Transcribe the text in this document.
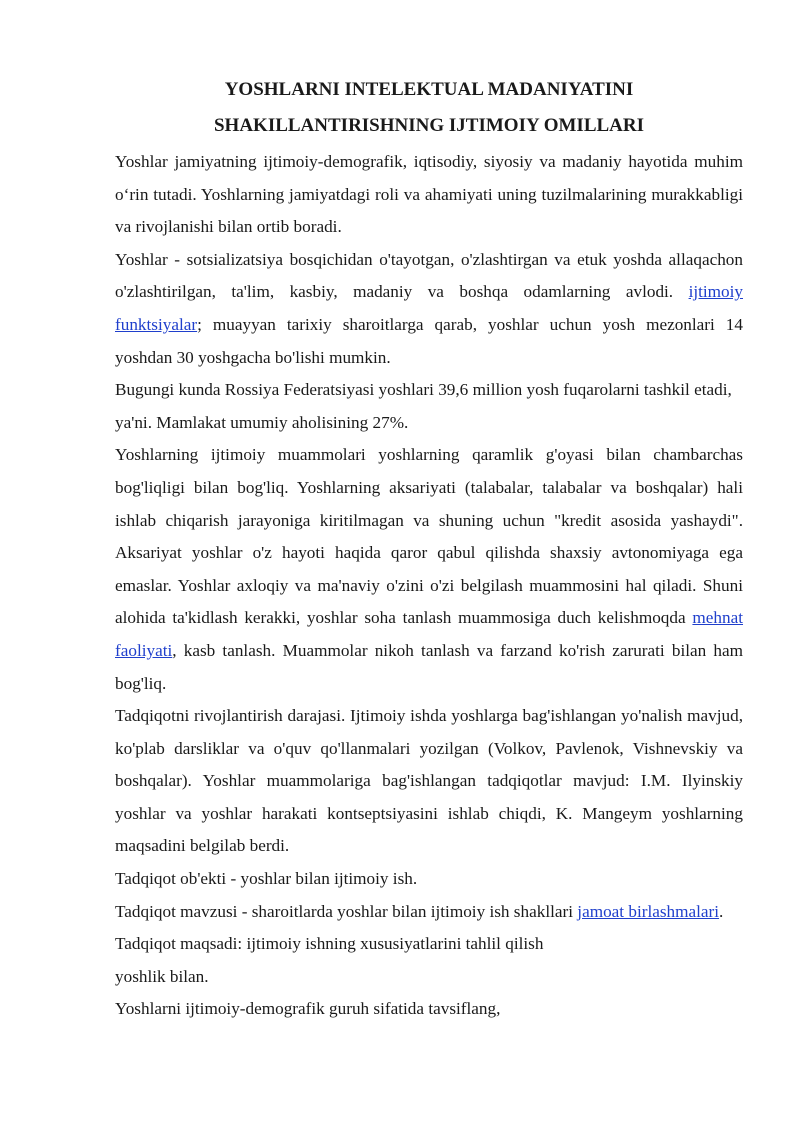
YOSHLARNI INTELEKTUAL MADANIYATINI
SHAKILLANTIRISHNING IJTIMOIY OMILLARI

Yoshlar jamiyatning ijtimoiy-demografik, iqtisodiy, siyosiy va madaniy hayotida muhim o‘rin tutadi. Yoshlarning jamiyatdagi roli va ahamiyati uning tuzilmalarining murakkabligi va rivojlanishi bilan ortib boradi.

Yoshlar - sotsializatsiya bosqichidan o'tayotgan, o'zlashtirgan va etuk yoshda allaqachon o'zlashtirilgan, ta'lim, kasbiy, madaniy va boshqa odamlarning avlodi. ijtimoiy funktsiyalar; muayyan tarixiy sharoitlarga qarab, yoshlar uchun yosh mezonlari 14 yoshdan 30 yoshgacha bo'lishi mumkin.

Bugungi kunda Rossiya Federatsiyasi yoshlari 39,6 million yosh fuqarolarni tashkil etadi, ya'ni. Mamlakat umumiy aholisining 27%.

Yoshlarning ijtimoiy muammolari yoshlarning qaramlik g'oyasi bilan chambarchas bog'liqligi bilan bog'liq. Yoshlarning aksariyati (talabalar, talabalar va boshqalar) hali ishlab chiqarish jarayoniga kiritilmagan va shuning uchun "kredit asosida yashaydi". Aksariyat yoshlar o'z hayoti haqida qaror qabul qilishda shaxsiy avtonomiyaga ega emaslar. Yoshlar axloqiy va ma'naviy o'zini o'zi belgilash muammosini hal qiladi. Shuni alohida ta'kidlash kerakki, yoshlar soha tanlash muammosiga duch kelishmoqda mehnat faoliyati, kasb tanlash. Muammolar nikoh tanlash va farzand ko'rish zarurati bilan ham bog'liq.

Tadqiqotni rivojlantirish darajasi. Ijtimoiy ishda yoshlarga bag'ishlangan yo'nalish mavjud, ko'plab darsliklar va o'quv qo'llanmalari yozilgan (Volkov, Pavlenok, Vishnevskiy va boshqalar). Yoshlar muammolariga bag'ishlangan tadqiqotlar mavjud: I.M. Ilyinskiy yoshlar va yoshlar harakati kontseptsiyasini ishlab chiqdi, K. Mangeym yoshlarning maqsadini belgilab berdi.

Tadqiqot ob'ekti - yoshlar bilan ijtimoiy ish.

Tadqiqot mavzusi - sharoitlarda yoshlar bilan ijtimoiy ish shakllari jamoat birlashmalari.

Tadqiqot maqsadi: ijtimoiy ishning xususiyatlarini tahlil qilish

yoshlik bilan.

Yoshlarni ijtimoiy-demografik guruh sifatida tavsiflang,
